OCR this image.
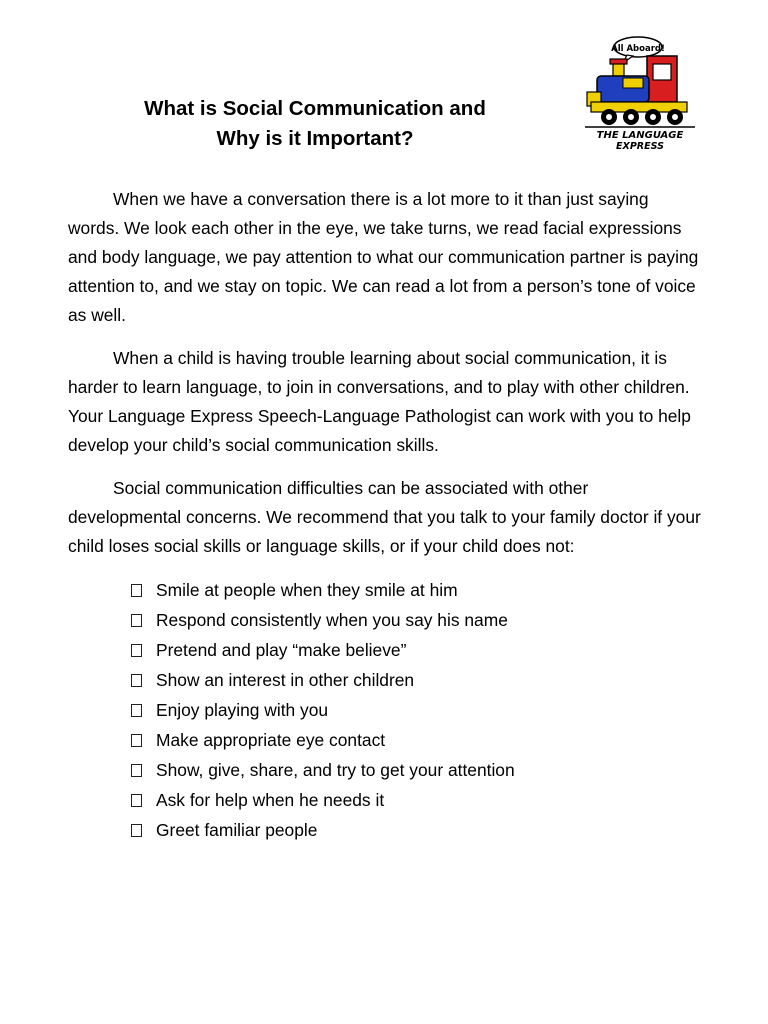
What is Social Communication and
Why is it Important?
All Aboard!
THE LANGUAGE
EXPRESS

When we have a conversation there is a lot more to it than just saying words. We look each other in the eye, we take turns, we read facial expressions and body language, we pay attention to what our communication partner is paying attention to, and we stay on topic. We can read a lot from a person’s tone of voice as well.

When a child is having trouble learning about social communication, it is harder to learn language, to join in conversations, and to play with other children. Your Language Express Speech-Language Pathologist can work with you to help develop your child’s social communication skills.

Social communication difficulties can be associated with other developmental concerns. We recommend that you talk to your family doctor if your child loses social skills or language skills, or if your child does not:

Smile at people when they smile at him
Respond consistently when you say his name
Pretend and play “make believe”
Show an interest in other children
Enjoy playing with you
Make appropriate eye contact
Show, give, share, and try to get your attention
Ask for help when he needs it
Greet familiar people
